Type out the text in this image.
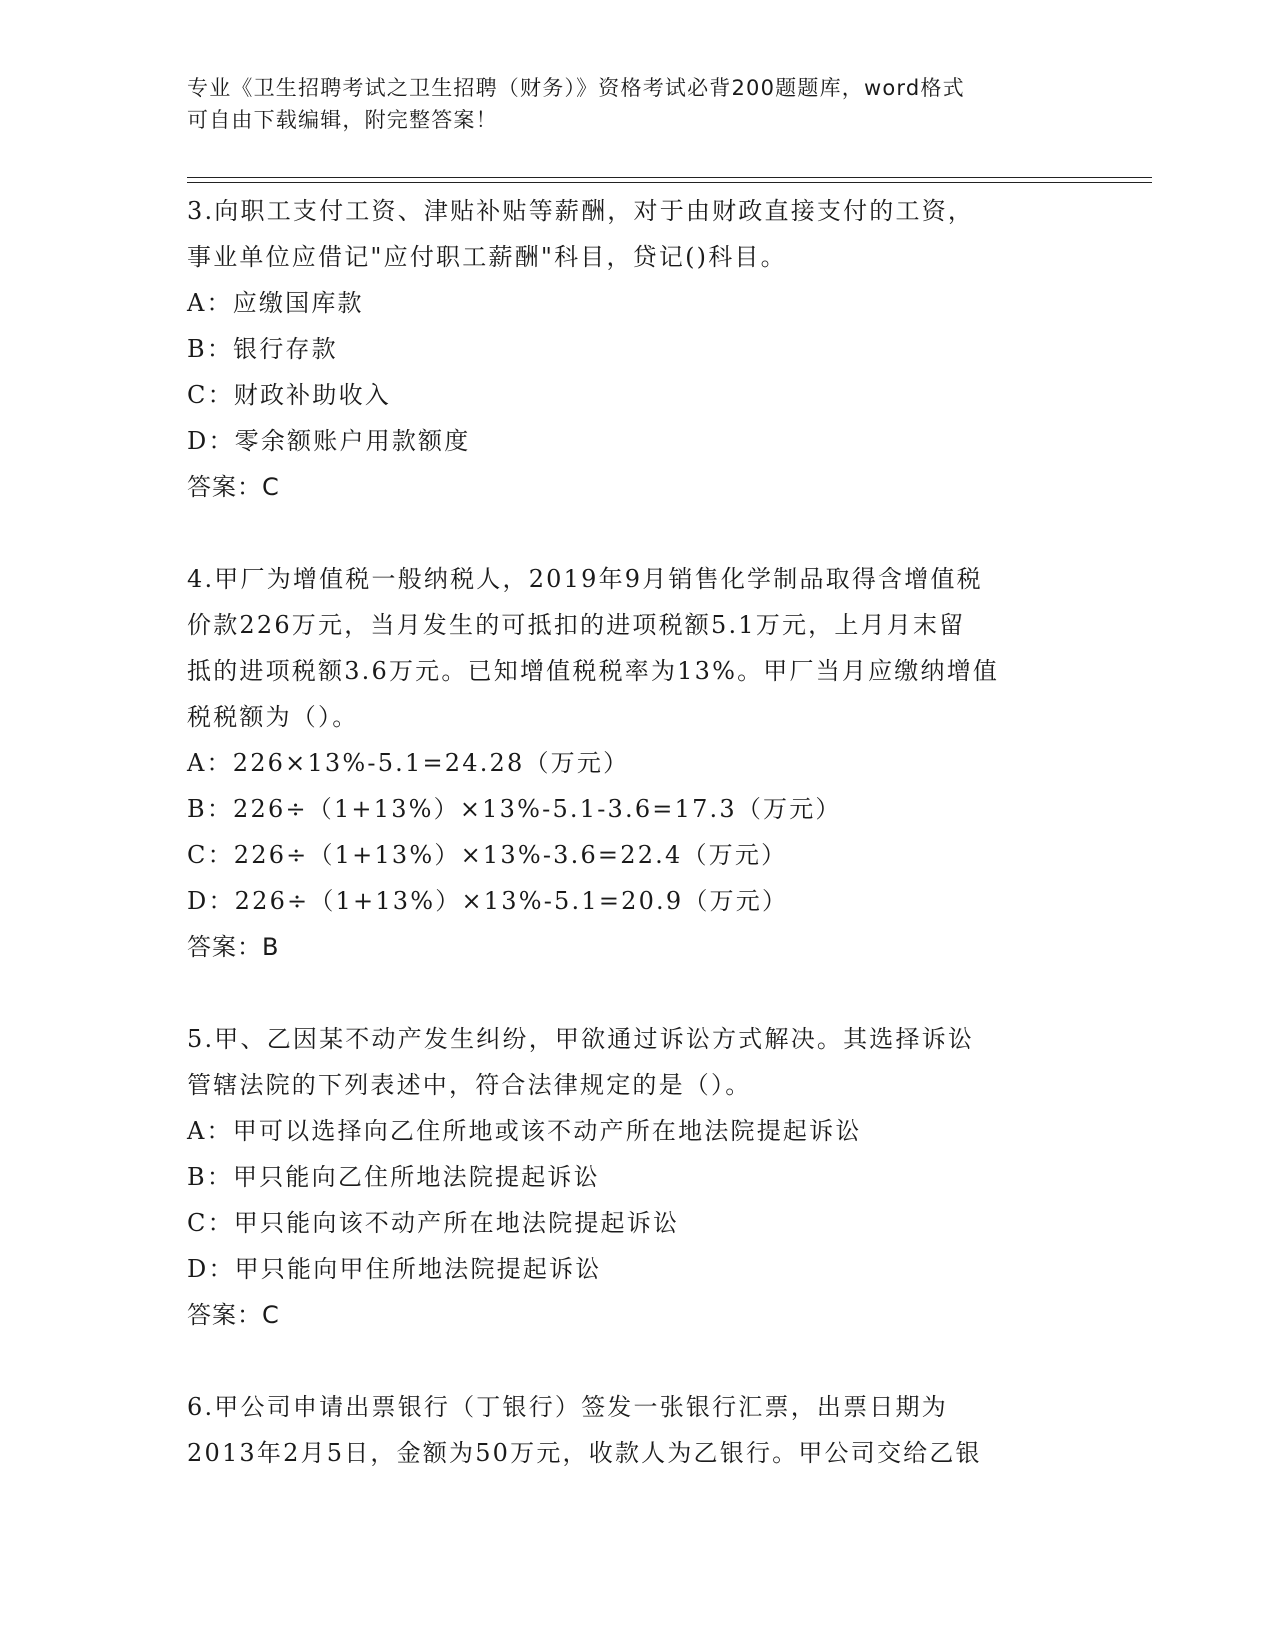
专业《卫生招聘考试之卫生招聘（财务）》资格考试必背200题题库，word格式
可自由下载编辑，附完整答案！
3.向职工支付工资、津贴补贴等薪酬，对于由财政直接支付的工资，
事业单位应借记"应付职工薪酬"科目，贷记()科目。
A：应缴国库款
B：银行存款
C：财政补助收入
D：零余额账户用款额度
答案：C
4.甲厂为增值税一般纳税人，2019年9月销售化学制品取得含增值税
价款226万元，当月发生的可抵扣的进项税额5.1万元，上月月末留
抵的进项税额3.6万元。已知增值税税率为13%。甲厂当月应缴纳增值
税税额为（）。
A：226×13%-5.1=24.28（万元）
B：226÷（1+13%）×13%-5.1-3.6=17.3（万元）
C：226÷（1+13%）×13%-3.6=22.4（万元）
D：226÷（1+13%）×13%-5.1=20.9（万元）
答案：B
5.甲、乙因某不动产发生纠纷，甲欲通过诉讼方式解决。其选择诉讼
管辖法院的下列表述中，符合法律规定的是（）。
A：甲可以选择向乙住所地或该不动产所在地法院提起诉讼
B：甲只能向乙住所地法院提起诉讼
C：甲只能向该不动产所在地法院提起诉讼
D：甲只能向甲住所地法院提起诉讼
答案：C
6.甲公司申请出票银行（丁银行）签发一张银行汇票，出票日期为
2013年2月5日，金额为50万元，收款人为乙银行。甲公司交给乙银
